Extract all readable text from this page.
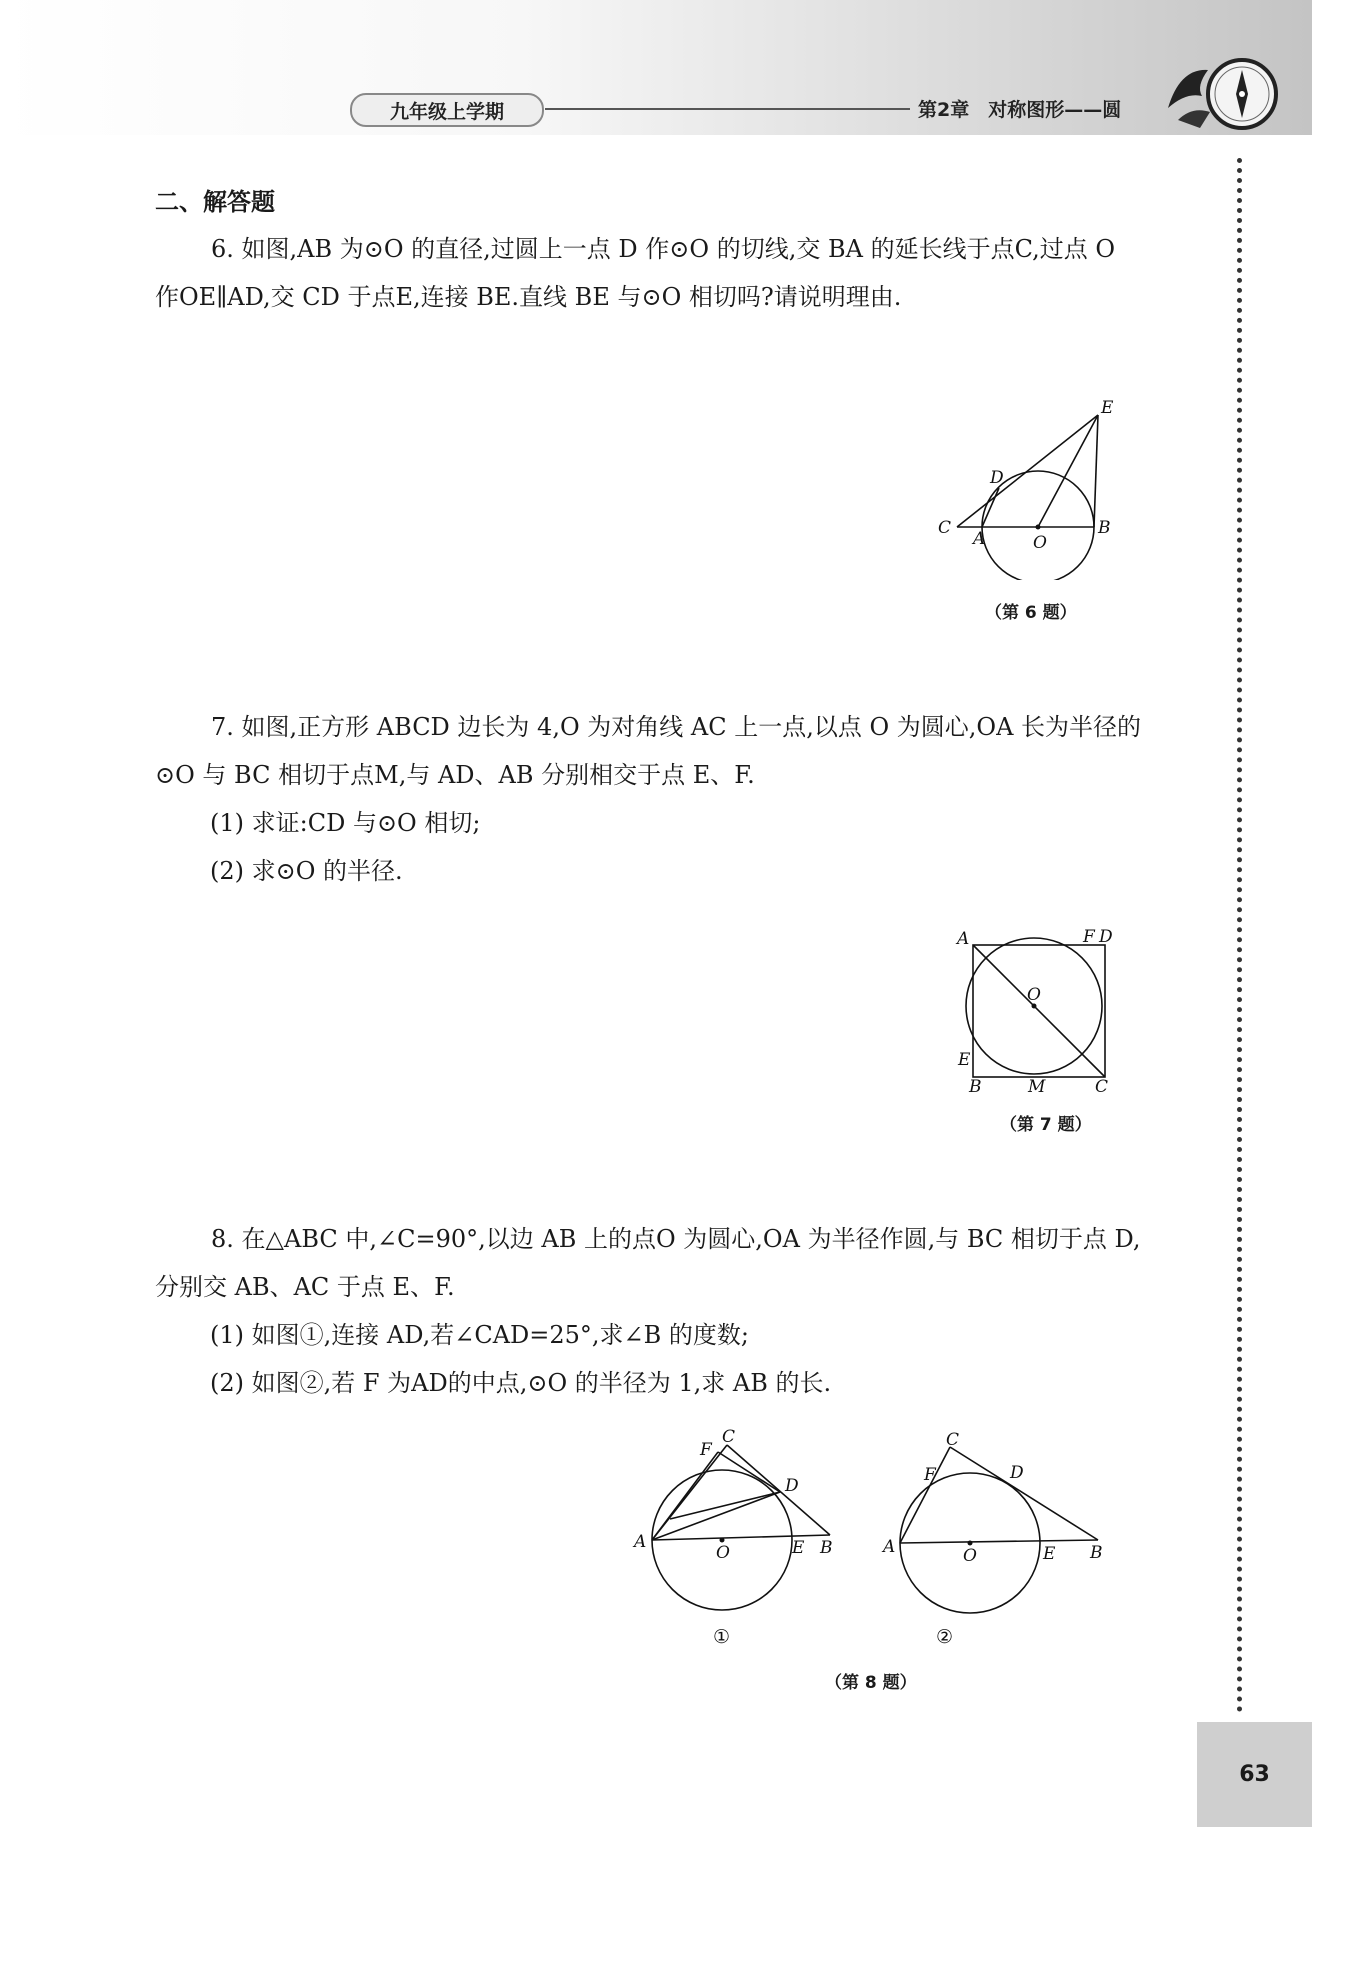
九年级上学期	第2章　对称图形——圆
二、解答题
6. 如图,AB 为⊙O 的直径,过圆上一点 D 作⊙O 的切线,交 BA 的延长线于点C,过点 O 作OE∥AD,交 CD 于点E,连接 BE.直线 BE 与⊙O 相切吗?请说明理由.
E
D
C
A	O
B
（第 6 题）
7. 如图,正方形 ABCD 边长为 4,O 为对角线 AC 上一点,以点 O 为圆心,OA 长为半径的⊙O 与 BC 相切于点M,与 AD、AB 分别相交于点 E、F.
(1) 求证:CD 与⊙O 相切;
(2) 求⊙O 的半径.
A	F D
O
E
B	M	C
（第 7 题）
8. 在△ABC 中,∠C=90°,以边 AB 上的点O 为圆心,OA 为半径作圆,与 BC 相切于点 D,分别交 AB、AC 于点 E、F.
(1) 如图①,连接 AD,若∠CAD=25°,求∠B 的度数;
(2) 如图②,若 F 为AD的中点,⊙O 的半径为 1,求 AB 的长.
C
F
D
A
O	E B
①
C
F	D
A	O	E B
②
（第 8 题）
63
